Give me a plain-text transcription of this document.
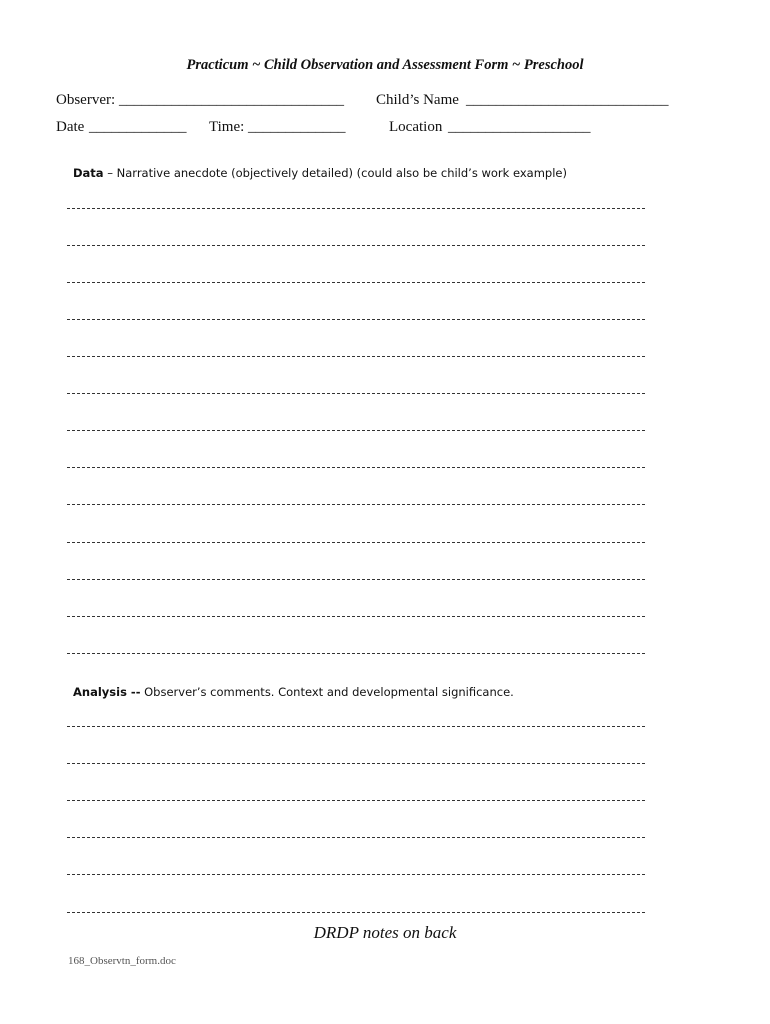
Practicum ~ Child Observation and Assessment Form ~ Preschool
Observer: ______________________________ Child’s Name ___________________________
Date _____________ Time: _____________	Location ___________________
Data – Narrative anecdote (objectively detailed) (could also be child’s work example)
Analysis -- Observer’s comments. Context and developmental significance.
DRDP notes on back
168_Observtn_form.doc
